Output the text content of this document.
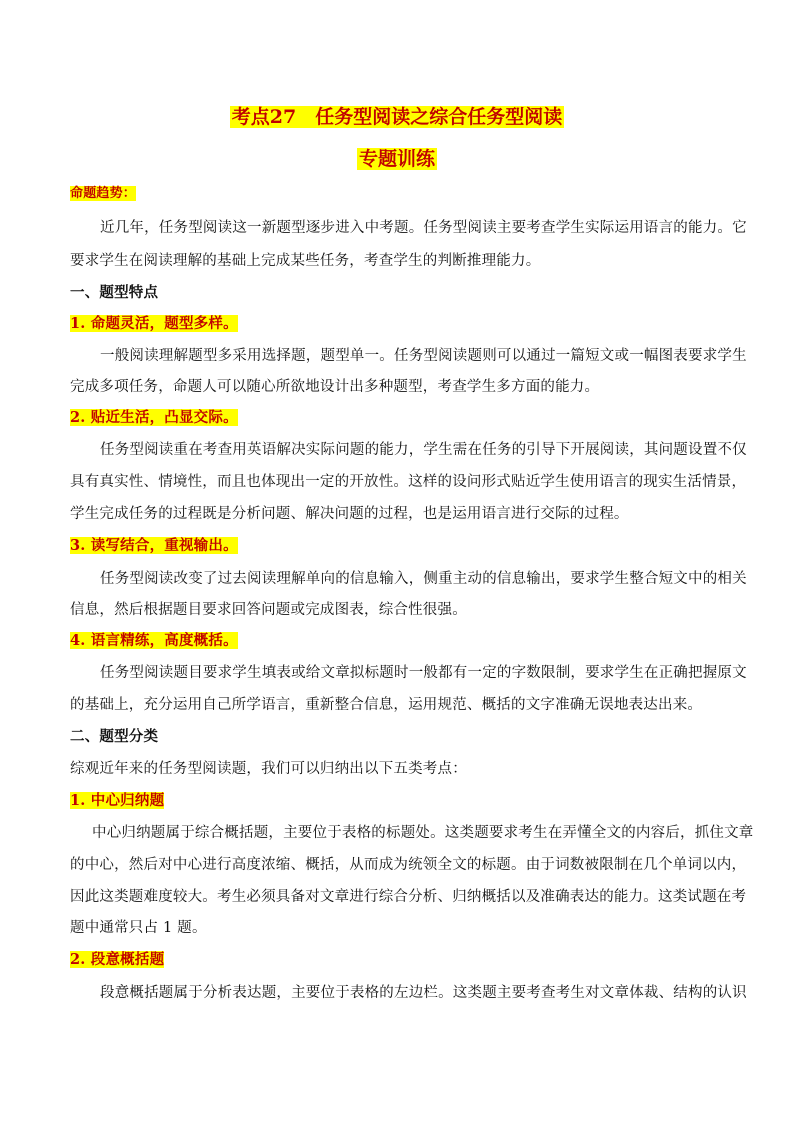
考点27　任务型阅读之综合任务型阅读
专题训练
命题趋势：
近几年，任务型阅读这一新题型逐步进入中考题。任务型阅读主要考查学生实际运用语言的能力。它
要求学生在阅读理解的基础上完成某些任务，考查学生的判断推理能力。
一、题型特点
1. 命题灵活，题型多样。
一般阅读理解题型多采用选择题，题型单一。任务型阅读题则可以通过一篇短文或一幅图表要求学生
完成多项任务，命题人可以随心所欲地设计出多种题型，考查学生多方面的能力。
2. 贴近生活，凸显交际。
任务型阅读重在考查用英语解决实际问题的能力，学生需在任务的引导下开展阅读，其问题设置不仅
具有真实性、情境性，而且也体现出一定的开放性。这样的设问形式贴近学生使用语言的现实生活情景，
学生完成任务的过程既是分析问题、解决问题的过程，也是运用语言进行交际的过程。
3. 读写结合，重视输出。
任务型阅读改变了过去阅读理解单向的信息输入，侧重主动的信息输出，要求学生整合短文中的相关
信息，然后根据题目要求回答问题或完成图表，综合性很强。
4. 语言精练，高度概括。
任务型阅读题目要求学生填表或给文章拟标题时一般都有一定的字数限制，要求学生在正确把握原文
的基础上，充分运用自己所学语言，重新整合信息，运用规范、概括的文字准确无误地表达出来。
二、题型分类
综观近年来的任务型阅读题，我们可以归纳出以下五类考点：
1. 中心归纳题
中心归纳题属于综合概括题，主要位于表格的标题处。这类题要求考生在弄懂全文的内容后，抓住文章
的中心，然后对中心进行高度浓缩、概括，从而成为统领全文的标题。由于词数被限制在几个单词以内，
因此这类题难度较大。考生必须具备对文章进行综合分析、归纳概括以及准确表达的能力。这类试题在考
题中通常只占 1 题。
2. 段意概括题
段意概括题属于分析表达题，主要位于表格的左边栏。这类题主要考查考生对文章体裁、结构的认识
